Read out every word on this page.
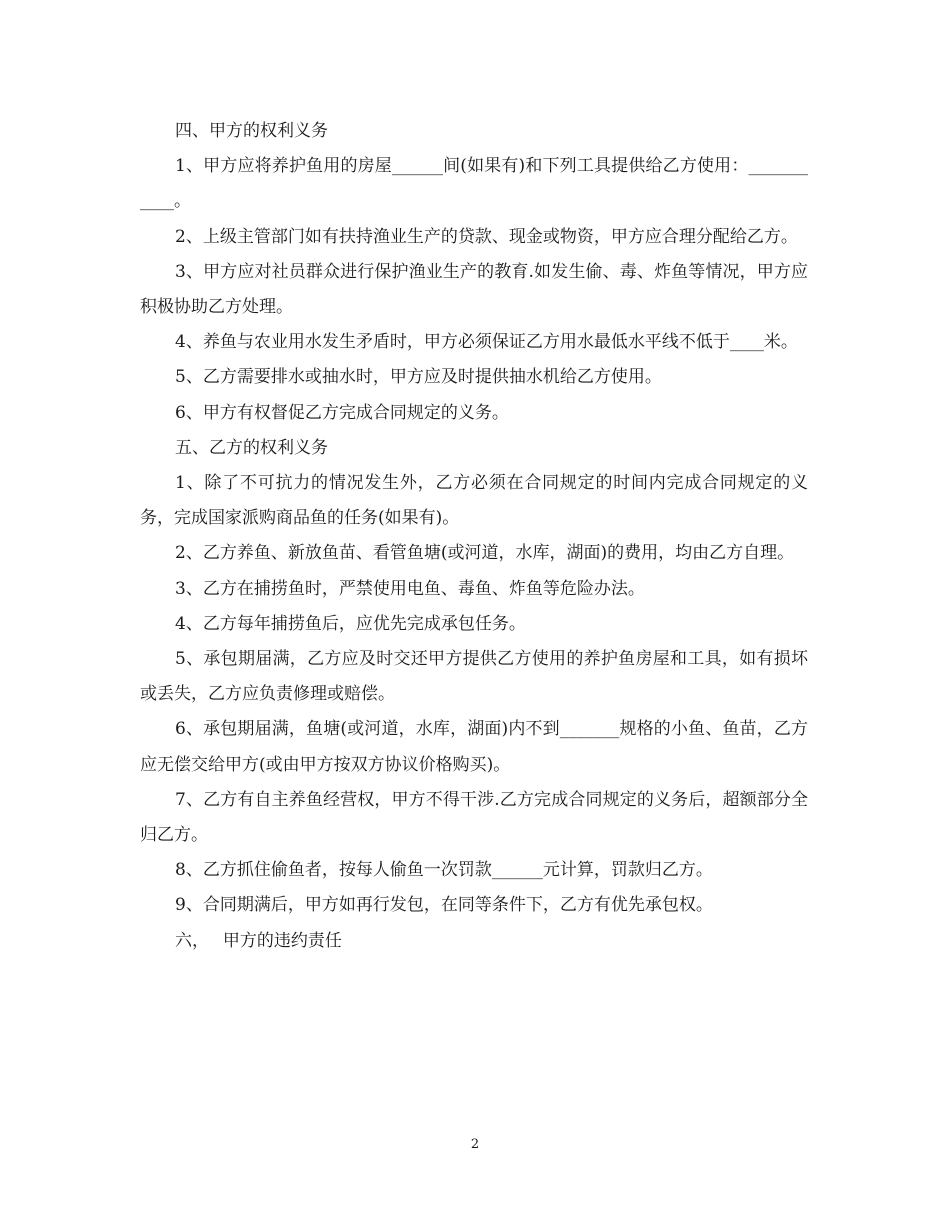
四、甲方的权利义务

1、甲方应将养护鱼用的房屋______间(如果有)和下列工具提供给乙方使用：___________。

2、上级主管部门如有扶持渔业生产的贷款、现金或物资，甲方应合理分配给乙方。

3、甲方应对社员群众进行保护渔业生产的教育.如发生偷、毒、炸鱼等情况，甲方应积极协助乙方处理。

4、养鱼与农业用水发生矛盾时，甲方必须保证乙方用水最低水平线不低于____米。

5、乙方需要排水或抽水时，甲方应及时提供抽水机给乙方使用。

6、甲方有权督促乙方完成合同规定的义务。

五、乙方的权利义务

1、除了不可抗力的情况发生外，乙方必须在合同规定的时间内完成合同规定的义务，完成国家派购商品鱼的任务(如果有)。

2、乙方养鱼、新放鱼苗、看管鱼塘(或河道，水库，湖面)的费用，均由乙方自理。

3、乙方在捕捞鱼时，严禁使用电鱼、毒鱼、炸鱼等危险办法。

4、乙方每年捕捞鱼后，应优先完成承包任务。

5、承包期届满，乙方应及时交还甲方提供乙方使用的养护鱼房屋和工具，如有损坏或丢失，乙方应负责修理或赔偿。

6、承包期届满，鱼塘(或河道，水库，湖面)内不到_______规格的小鱼、鱼苗，乙方应无偿交给甲方(或由甲方按双方协议价格购买)。

7、乙方有自主养鱼经营权，甲方不得干涉.乙方完成合同规定的义务后，超额部分全归乙方。

8、乙方抓住偷鱼者，按每人偷鱼一次罚款______元计算，罚款归乙方。

9、合同期满后，甲方如再行发包，在同等条件下，乙方有优先承包权。

六，　 甲方的违约责任

2
